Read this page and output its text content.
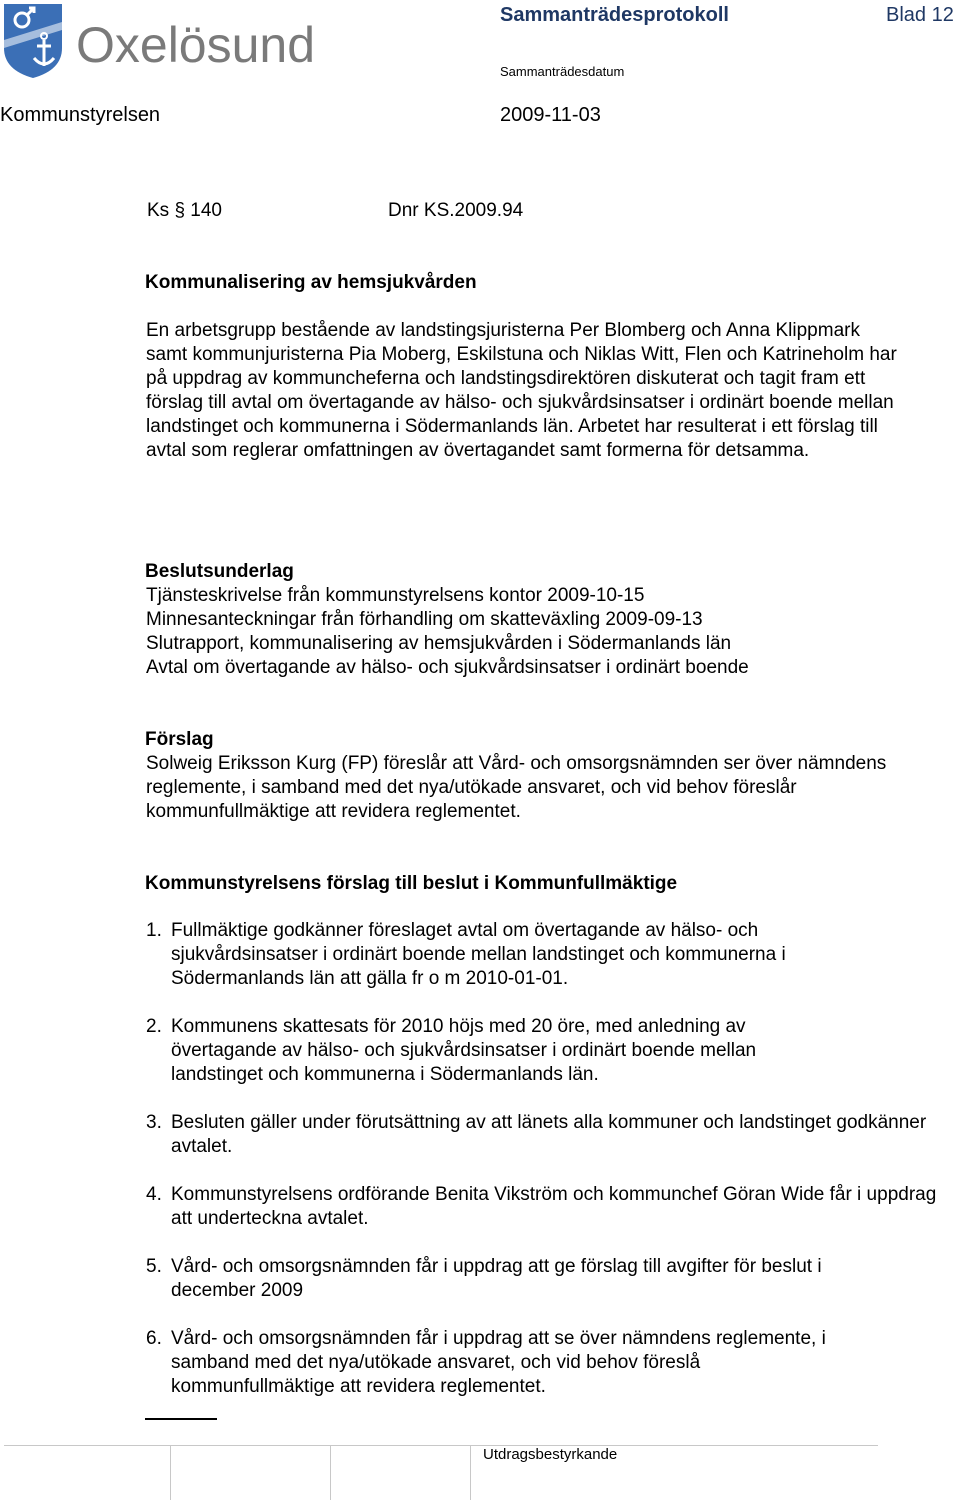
Oxelösund
Sammanträdesprotokoll	Blad 12
Sammanträdesdatum
Kommunstyrelsen	2009-11-03
Ks § 140	Dnr KS.2009.94
Kommunalisering av hemsjukvården

En arbetsgrupp bestående av landstingsjuristerna Per Blomberg och Anna Klippmark samt kommunjuristerna Pia Moberg, Eskilstuna och Niklas Witt, Flen och Katrineholm har på uppdrag av kommuncheferna och landstingsdirektören diskuterat och tagit fram ett förslag till avtal om övertagande av hälso- och sjukvårdsinsatser i ordinärt boende mellan landstinget och kommunerna i Södermanlands län. Arbetet har resulterat i ett förslag till avtal som reglerar omfattningen av övertagandet samt formerna för detsamma.

Beslutsunderlag
Tjänsteskrivelse från kommunstyrelsens kontor 2009-10-15
Minnesanteckningar från förhandling om skatteväxling 2009-09-13
Slutrapport, kommunalisering av hemsjukvården i Södermanlands län
Avtal om övertagande av hälso- och sjukvårdsinsatser i ordinärt boende
Förslag

Solweig Eriksson Kurg (FP) föreslår att Vård- och omsorgsnämnden ser över nämndens reglemente, i samband med det nya/utökade ansvaret, och vid behov föreslår kommunfullmäktige att revidera reglementet.

Kommunstyrelsens förslag till beslut i Kommunfullmäktige
1. Fullmäktige godkänner föreslaget avtal om övertagande av hälso- och sjukvårdsinsatser i ordinärt boende mellan landstinget och kommunerna i Södermanlands län att gälla fr o m 2010-01-01.
2. Kommunens skattesats för 2010 höjs med 20 öre, med anledning av övertagande av hälso- och sjukvårdsinsatser i ordinärt boende mellan landstinget och kommunerna i Södermanlands län.
3. Besluten gäller under förutsättning av att länets alla kommuner och landstinget godkänner avtalet.
4. Kommunstyrelsens ordförande Benita Vikström och kommunchef Göran Wide får i uppdrag att underteckna avtalet.
5. Vård- och omsorgsnämnden får i uppdrag att ge förslag till avgifter för beslut i december 2009
6. Vård- och omsorgsnämnden får i uppdrag att se över nämndens reglemente, i samband med det nya/utökade ansvaret, och vid behov föreslå kommunfullmäktige att revidera reglementet.
Utdragsbestyrkande
